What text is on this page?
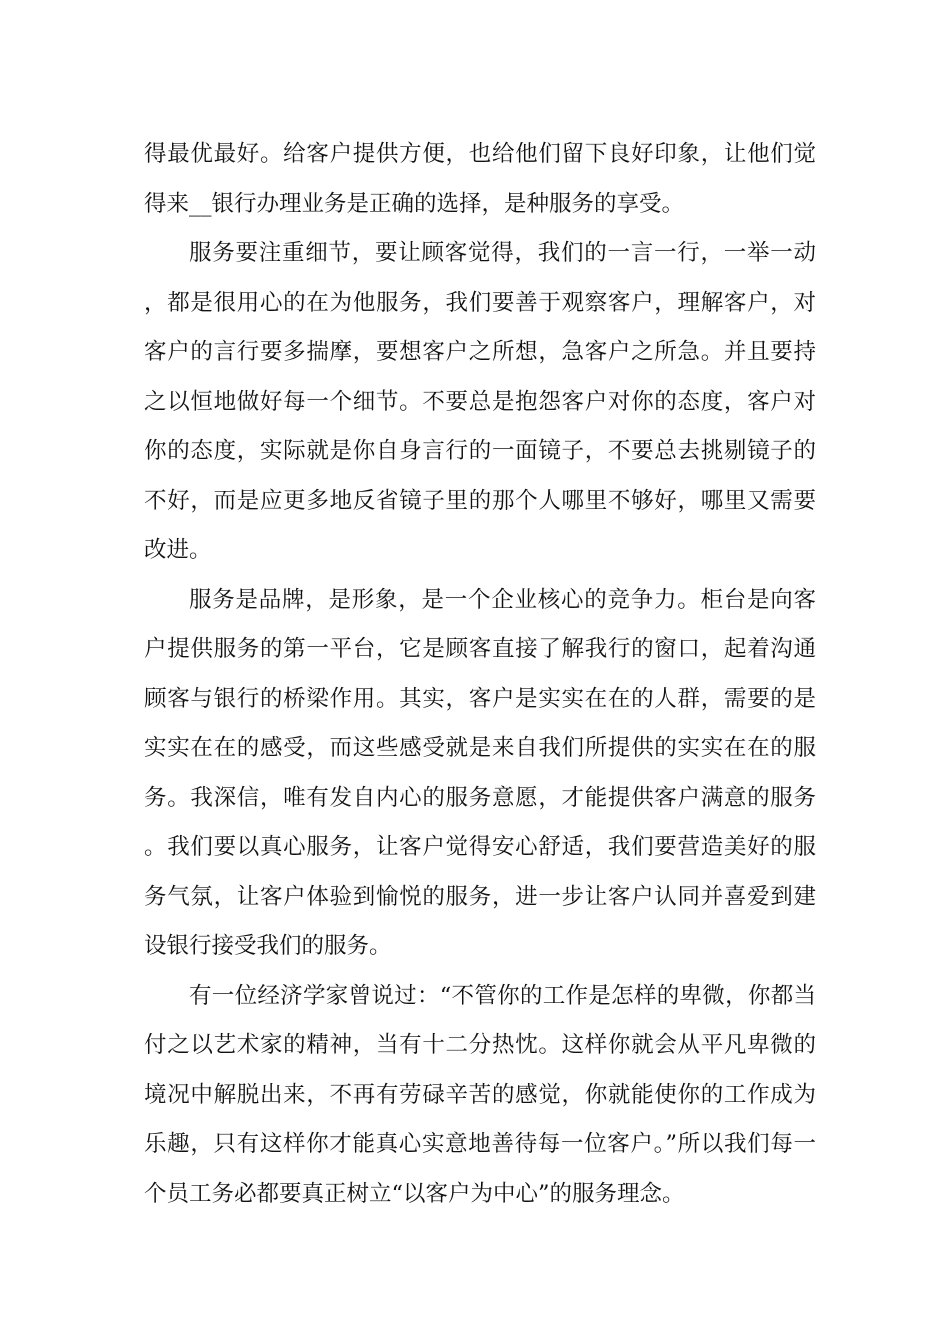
得最优最好。给客户提供方便，也给他们留下良好印象，让他们觉得来__银行办理业务是正确的选择，是种服务的享受。

服务要注重细节，要让顾客觉得，我们的一言一行，一举一动，都是很用心的在为他服务，我们要善于观察客户，理解客户，对客户的言行要多揣摩，要想客户之所想，急客户之所急。并且要持之以恒地做好每一个细节。不要总是抱怨客户对你的态度，客户对你的态度，实际就是你自身言行的一面镜子，不要总去挑剔镜子的不好，而是应更多地反省镜子里的那个人哪里不够好，哪里又需要改进。

服务是品牌，是形象，是一个企业核心的竞争力。柜台是向客户提供服务的第一平台，它是顾客直接了解我行的窗口，起着沟通顾客与银行的桥梁作用。其实，客户是实实在在的人群，需要的是实实在在的感受，而这些感受就是来自我们所提供的实实在在的服务。我深信，唯有发自内心的服务意愿，才能提供客户满意的服务。我们要以真心服务，让客户觉得安心舒适，我们要营造美好的服务气氛，让客户体验到愉悦的服务，进一步让客户认同并喜爱到建设银行接受我们的服务。

有一位经济学家曾说过：“不管你的工作是怎样的卑微，你都当付之以艺术家的精神，当有十二分热忱。这样你就会从平凡卑微的境况中解脱出来，不再有劳碌辛苦的感觉，你就能使你的工作成为乐趣，只有这样你才能真心实意地善待每一位客户。”所以我们每一个员工务必都要真正树立“以客户为中心”的服务理念。
